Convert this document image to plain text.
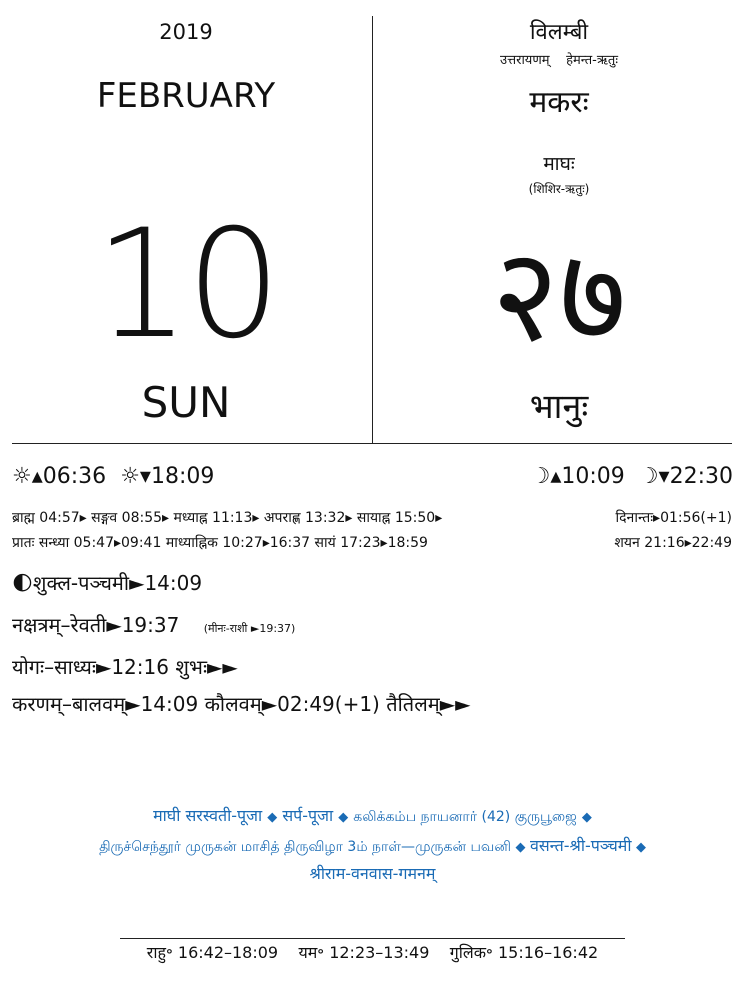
2019
FEBRUARY
10
SUN
विलम्बी
उत्तरायणम् हेमन्त-ऋतुः
मकरः
माघः
(शिशिर-ऋतुः)
२७
भानुः
☼▴06:36 ☼▾18:09	☽▴10:09 ☽▾22:30
ब्राह्म 04:57▸ सङ्गव 08:55▸ मध्याह्न 11:13▸ अपराह्ण 13:32▸ सायाह्न 15:50▸	दिनान्तः▸01:56(+1)
प्रातः सन्ध्या 05:47▸09:41 माध्याह्निक 10:27▸16:37 सायं 17:23▸18:59	शयन 21:16▸22:49
🌓︎शुक्ल-पञ्चमी►14:09
नक्षत्रम्–रेवती►19:37 (मीनः-राशी ►19:37)
योगः–साध्यः►12:16 शुभः►►
करणम्–बालवम्►14:09 कौलवम्►02:49(+1) तैतिलम्►►
माघी सरस्वती-पूजा ◆ सर्प-पूजा ◆ கலிக்கம்ப நாயனார் (42) குருபூஜை ◆
திருச்செந்தூர் முருகன் மாசித் திருவிழா 3ம் நாள்—முருகன் பவனி ◆ वसन्त-श्री-पञ्चमी ◆
श्रीराम-वनवास-गमनम्
राहु॰ 16:42–18:09 यम॰ 12:23–13:49 गुलिक॰ 15:16–16:42
